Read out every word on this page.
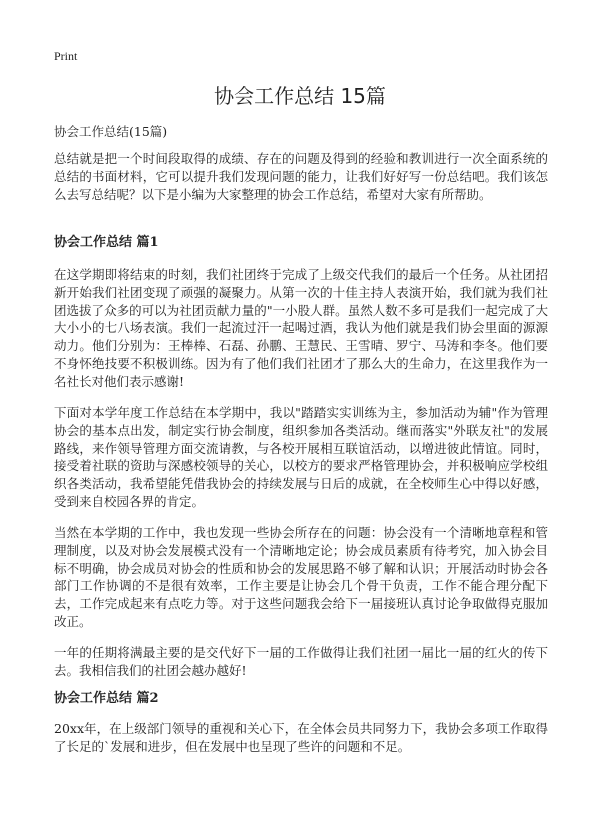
Print
协会工作总结 15篇

协会工作总结(15篇)

总结就是把一个时间段取得的成绩、存在的问题及得到的经验和教训进行一次全面系统的总结的书面材料，它可以提升我们发现问题的能力，让我们好好写一份总结吧。我们该怎么去写总结呢？以下是小编为大家整理的协会工作总结，希望对大家有所帮助。

协会工作总结 篇1

在这学期即将结束的时刻，我们社团终于完成了上级交代我们的最后一个任务。从社团招新开始我们社团变现了顽强的凝聚力。从第一次的十佳主持人表演开始，我们就为我们社团选拔了众多的可以为社团贡献力量的"一小股人群。虽然人数不多可是我们一起完成了大大小小的七八场表演。我们一起流过汗一起喝过酒，我认为他们就是我们协会里面的源源动力。他们分别为：王棒棒、石磊、孙鹏、王慧民、王雪晴、罗宁、马涛和李冬。他们要不身怀绝技要不积极训练。因为有了他们我们社团才了那么大的生命力，在这里我作为一名社长对他们表示感谢!

下面对本学年度工作总结在本学期中，我以"踏踏实实训练为主，参加活动为辅"作为管理协会的基本点出发，制定实行协会制度，组织参加各类活动。继而落实"外联友社"的发展路线，来作领导管理方面交流请教，与各校开展相互联谊活动，以增进彼此情谊。同时，接受着社联的资助与深感校领导的关心，以校方的要求严格管理协会，并积极响应学校组织各类活动，我希望能凭借我协会的持续发展与日后的成就，在全校师生心中得以好感，受到来自校园各界的肯定。

当然在本学期的工作中，我也发现一些协会所存在的问题：协会没有一个清晰地章程和管理制度，以及对协会发展模式没有一个清晰地定论；协会成员素质有待考究，加入协会目标不明确，协会成员对协会的性质和协会的发展思路不够了解和认识；开展活动时协会各部门工作协调的不是很有效率，工作主要是让协会几个骨干负责，工作不能合理分配下去，工作完成起来有点吃力等。对于这些问题我会给下一届接班认真讨论争取做得克服加改正。

一年的任期将满最主要的是交代好下一届的工作做得让我们社团一届比一届的红火的传下去。我相信我们的社团会越办越好!

协会工作总结 篇2

20xx年，在上级部门领导的重视和关心下，在全体会员共同努力下，我协会多项工作取得了长足的`发展和进步，但在发展中也呈现了些许的问题和不足。
